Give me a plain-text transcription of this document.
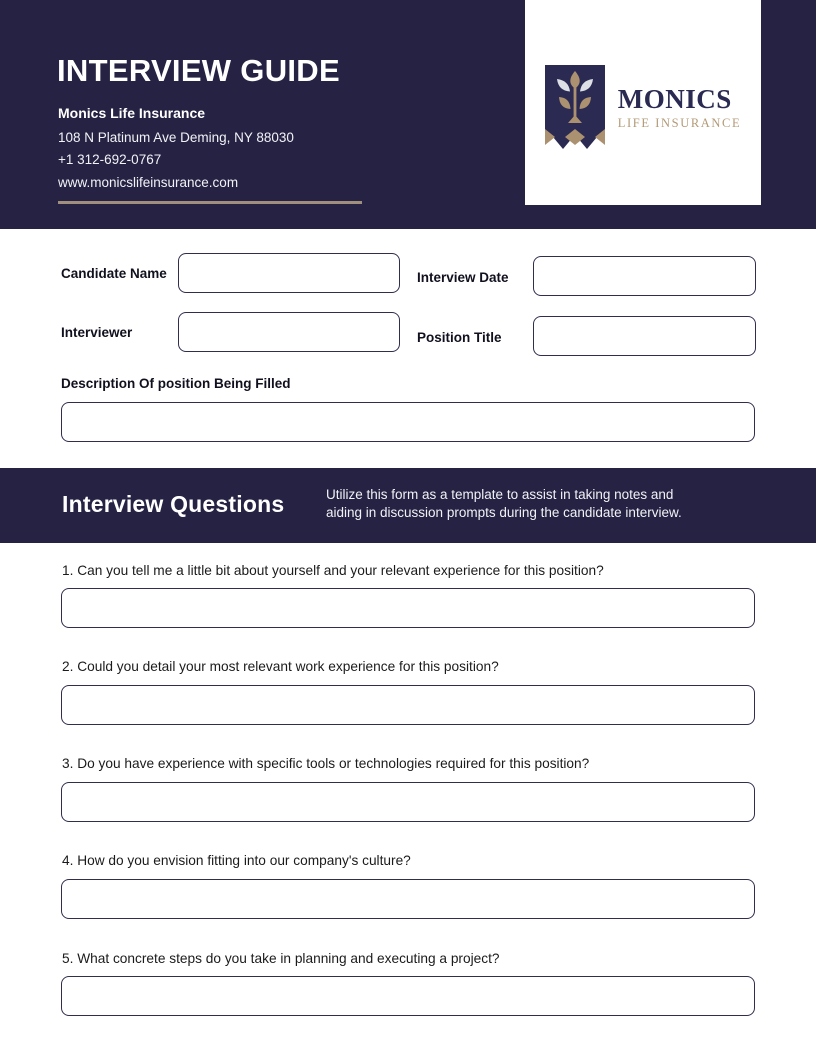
INTERVIEW GUIDE
Monics Life Insurance
108 N Platinum Ave Deming, NY 88030
+1 312-692-0767
www.monicslifeinsurance.com
MONICS
LIFE INSURANCE
Candidate Name	Interview Date
Interviewer	Position Title
Description Of position Being Filled
Interview Questions	Utilize this form as a template to assist in taking notes and aiding in discussion prompts during the candidate interview.
1. Can you tell me a little bit about yourself and your relevant experience for this position?
2. Could you detail your most relevant work experience for this position?
3. Do you have experience with specific tools or technologies required for this position?
4. How do you envision fitting into our company's culture?
5. What concrete steps do you take in planning and executing a project?
